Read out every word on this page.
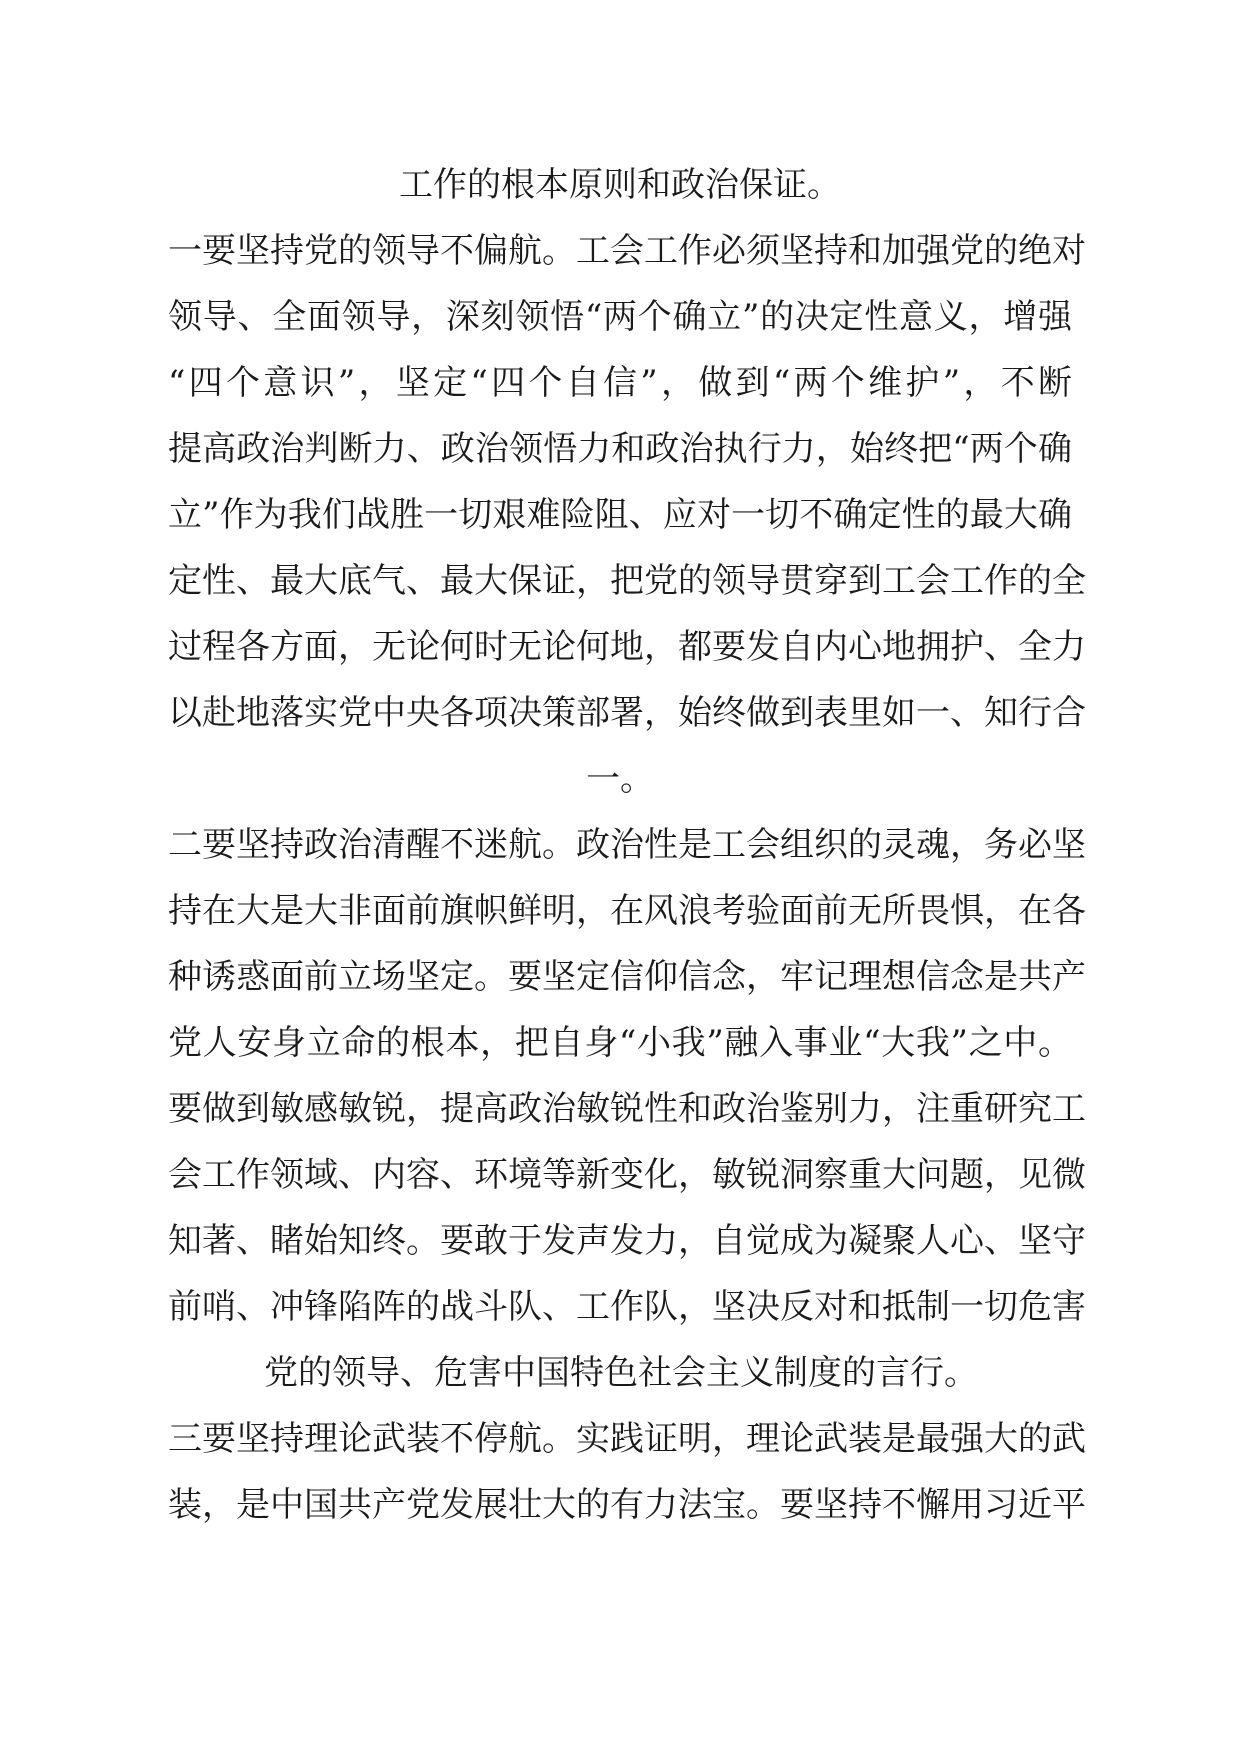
工作的根本原则和政治保证。
一要坚持党的领导不偏航。工会工作必须坚持和加强党的绝对
领导、全面领导，深刻领悟“两个确立”的决定性意义，增强
“四个意识”，坚定“四个自信”，做到“两个维护”，不断
提高政治判断力、政治领悟力和政治执行力，始终把“两个确
立”作为我们战胜一切艰难险阻、应对一切不确定性的最大确
定性、最大底气、最大保证，把党的领导贯穿到工会工作的全
过程各方面，无论何时无论何地，都要发自内心地拥护、全力
以赴地落实党中央各项决策部署，始终做到表里如一、知行合
一。
二要坚持政治清醒不迷航。政治性是工会组织的灵魂，务必坚
持在大是大非面前旗帜鲜明，在风浪考验面前无所畏惧，在各
种诱惑面前立场坚定。要坚定信仰信念，牢记理想信念是共产
党人安身立命的根本，把自身“小我”融入事业“大我”之中。
要做到敏感敏锐，提高政治敏锐性和政治鉴别力，注重研究工
会工作领域、内容、环境等新变化，敏锐洞察重大问题，见微
知著、睹始知终。要敢于发声发力，自觉成为凝聚人心、坚守
前哨、冲锋陷阵的战斗队、工作队，坚决反对和抵制一切危害
党的领导、危害中国特色社会主义制度的言行。
三要坚持理论武装不停航。实践证明，理论武装是最强大的武
装，是中国共产党发展壮大的有力法宝。要坚持不懈用习近平
